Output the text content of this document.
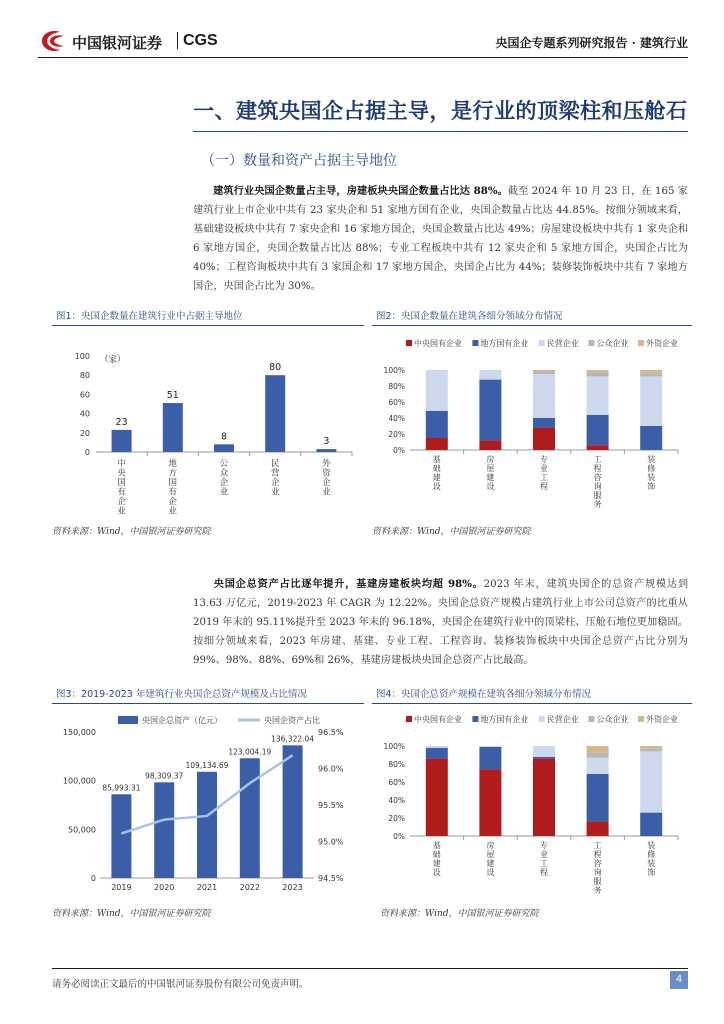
中国银河证券 CGS	央国企专题系列研究报告 · 建筑行业
一、建筑央国企占据主导，是行业的顶梁柱和压舱石
（一）数量和资产占据主导地位
建筑行业央国企数量占主导，房建板块央国企数量占比达 88%。截至 2024 年 10 月 23 日，在 165 家建筑行业上市企业中共有 23 家央企和 51 家地方国有企业，央国企数量占比达 44.85%。按细分领域来看，基础建设板块中共有 7 家央企和 16 家地方国企，央国企数量占比达 49%；房屋建设板块中共有 1 家央企和 6 家地方国企，央国企数量占比达 88%；专业工程板块中共有 12 家央企和 5 家地方国企，央国企占比为 40%；工程咨询板块中共有 3 家国企和 17 家地方国企，央国企占比为 44%；装修装饰板块中共有 7 家地方国企，央国企占比为 30%。
图1：央国企数量在建筑行业中占据主导地位
（家）
0
20
40
60
80
100
23
中央国有企业
51
地方国有企业
8
公众企业
80
民营企业
3
外资企业
资料来源：Wind，中国银河证券研究院
图2：央国企数量在建筑各细分领域分布情况
中央国有企业 地方国有企业 民营企业 公众企业 外资企业
0%
20%
40%
60%
80%
100%
基础建设
房屋建设
专业工程
工程咨询服务
装修装饰
资料来源：Wind，中国银河证券研究院
央国企总资产占比逐年提升，基建房建板块均超 98%。2023 年末，建筑央国企的总资产规模达到 13.63 万亿元，2019-2023 年 CAGR 为 12.22%。央国企总资产规模占建筑行业上市公司总资产的比重从 2019 年末的 95.11%提升至 2023 年末的 96.18%，央国企在建筑行业中的顶梁柱、压舱石地位更加稳固。按细分领域来看，2023 年房建、基建、专业工程、工程咨询、装修装饰板块中央国企总资产占比分别为 99%、98%、88%、69%和 26%，基建房建板块央国企总资产占比最高。
图3：2019-2023 年建筑行业央国企总资产规模及占比情况
央国企总资产（亿元）	央国企资产占比
0
50,000
100,000
150,000
94.5%
95.0%
95.5%
96.0%
96.5%
85,993.31
2019
98,309.37
2020
109,134.69
2021
123,004.19
2022
136,322.04
2023
资料来源：Wind，中国银河证券研究院
图4：央国企总资产规模在建筑各细分领域分布情况
中央国有企业 地方国有企业 民营企业 公众企业 外资企业
0%
20%
40%
60%
80%
100%
基础建设
房屋建设
专业工程
工程咨询服务
装修装饰
资料来源：Wind，中国银河证券研究院
请务必阅读正文最后的中国银河证券股份有限公司免责声明。	4
